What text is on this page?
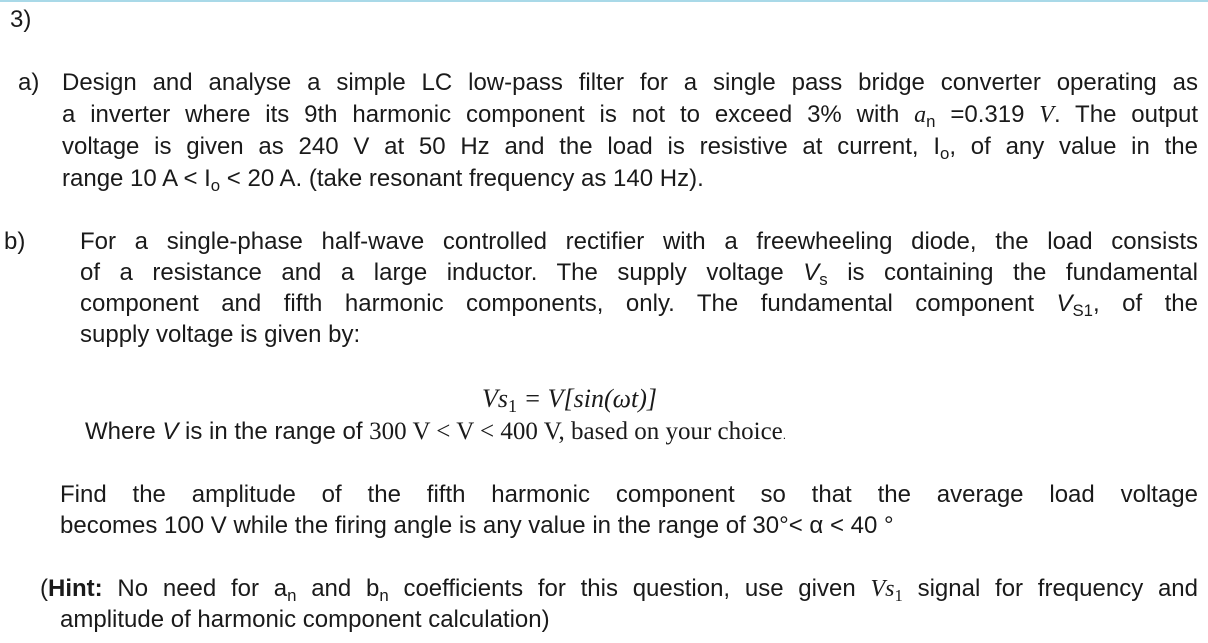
3)
a) Design and analyse a simple LC low-pass filter for a single pass bridge converter operating as
a inverter where its 9th harmonic component is not to exceed 3% with $a_n =0.319$ V. The output
voltage is given as 240 V at 50 Hz and the load is resistive at current, $I_o$, of any value in the
range 10 $A < I_o < 20$ A. (take resonant frequency as 140 Hz).
b) For a single-phase half-wave controlled rectifier with a freewheeling diode, the load consists
of a resistance and a large inductor. The supply voltage $V_s$ is containing the fundamental
component and fifth harmonic components, only. The fundamental component $V_{S1}$, of the
supply voltage is given by:
$Vs_1 = V[\sin(\omega t)]$
Where V is in the range of 300 V < V < 400 V, based on your choice.
Find the amplitude of the fifth harmonic component so that the average load voltage
becomes 100 V while the firing angle is any value in the range of 30°< α < 40 °
(Hint: No need for $a_n$ and $b_n$ coefficients for this question, use given $Vs_1$ signal for frequency and
amplitude of harmonic component calculation)
